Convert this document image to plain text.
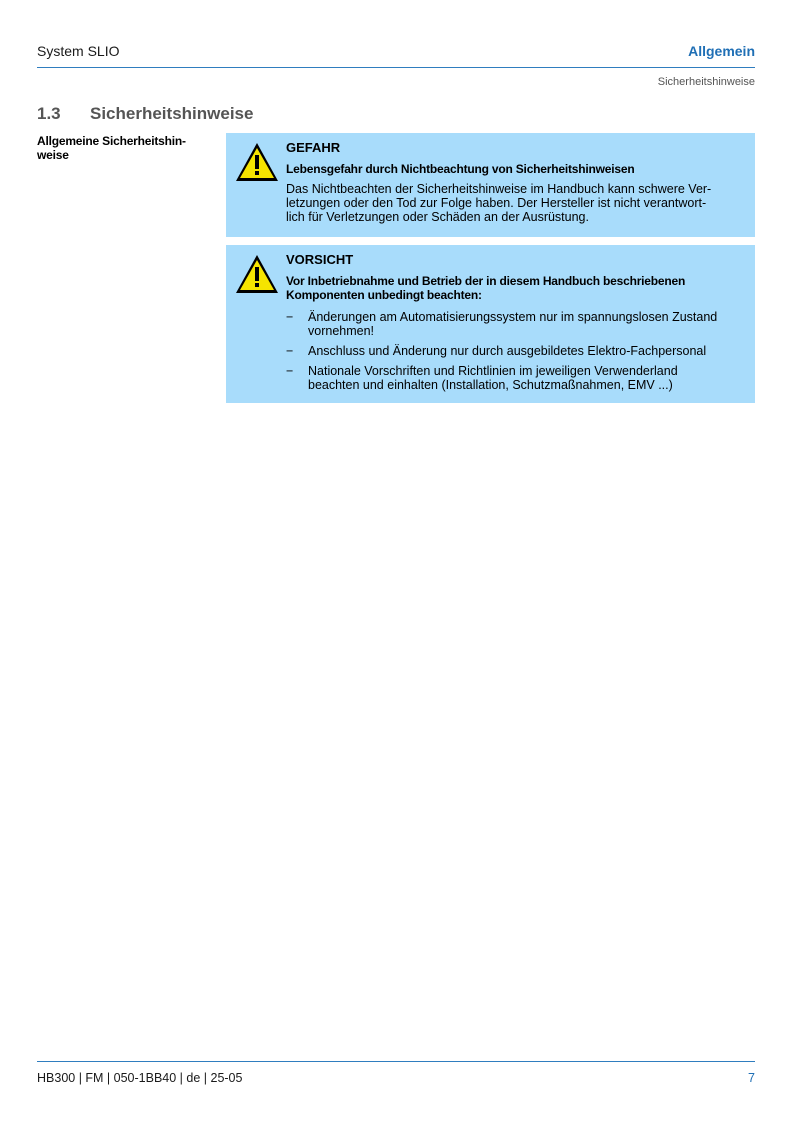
System SLIO	Allgemein
Sicherheitshinweise
1.3 Sicherheitshinweise
Allgemeine Sicherheitshin-
weise	GEFAHR
Lebensgefahr durch Nichtbeachtung von Sicherheitshinweisen
Das Nichtbeachten der Sicherheitshinweise im Handbuch kann schwere Ver-
letzungen oder den Tod zur Folge haben. Der Hersteller ist nicht verantwort-
lich für Verletzungen oder Schäden an der Ausrüstung.
VORSICHT
Vor Inbetriebnahme und Betrieb der in diesem Handbuch beschriebenen
Komponenten unbedingt beachten:
− Änderungen am Automatisierungssystem nur im spannungslosen Zustand
vornehmen!
− Anschluss und Änderung nur durch ausgebildetes Elektro-Fachpersonal
− Nationale Vorschriften und Richtlinien im jeweiligen Verwenderland
beachten und einhalten (Installation, Schutzmaßnahmen, EMV ...)
HB300 | FM | 050-1BB40 | de | 25-05	7
